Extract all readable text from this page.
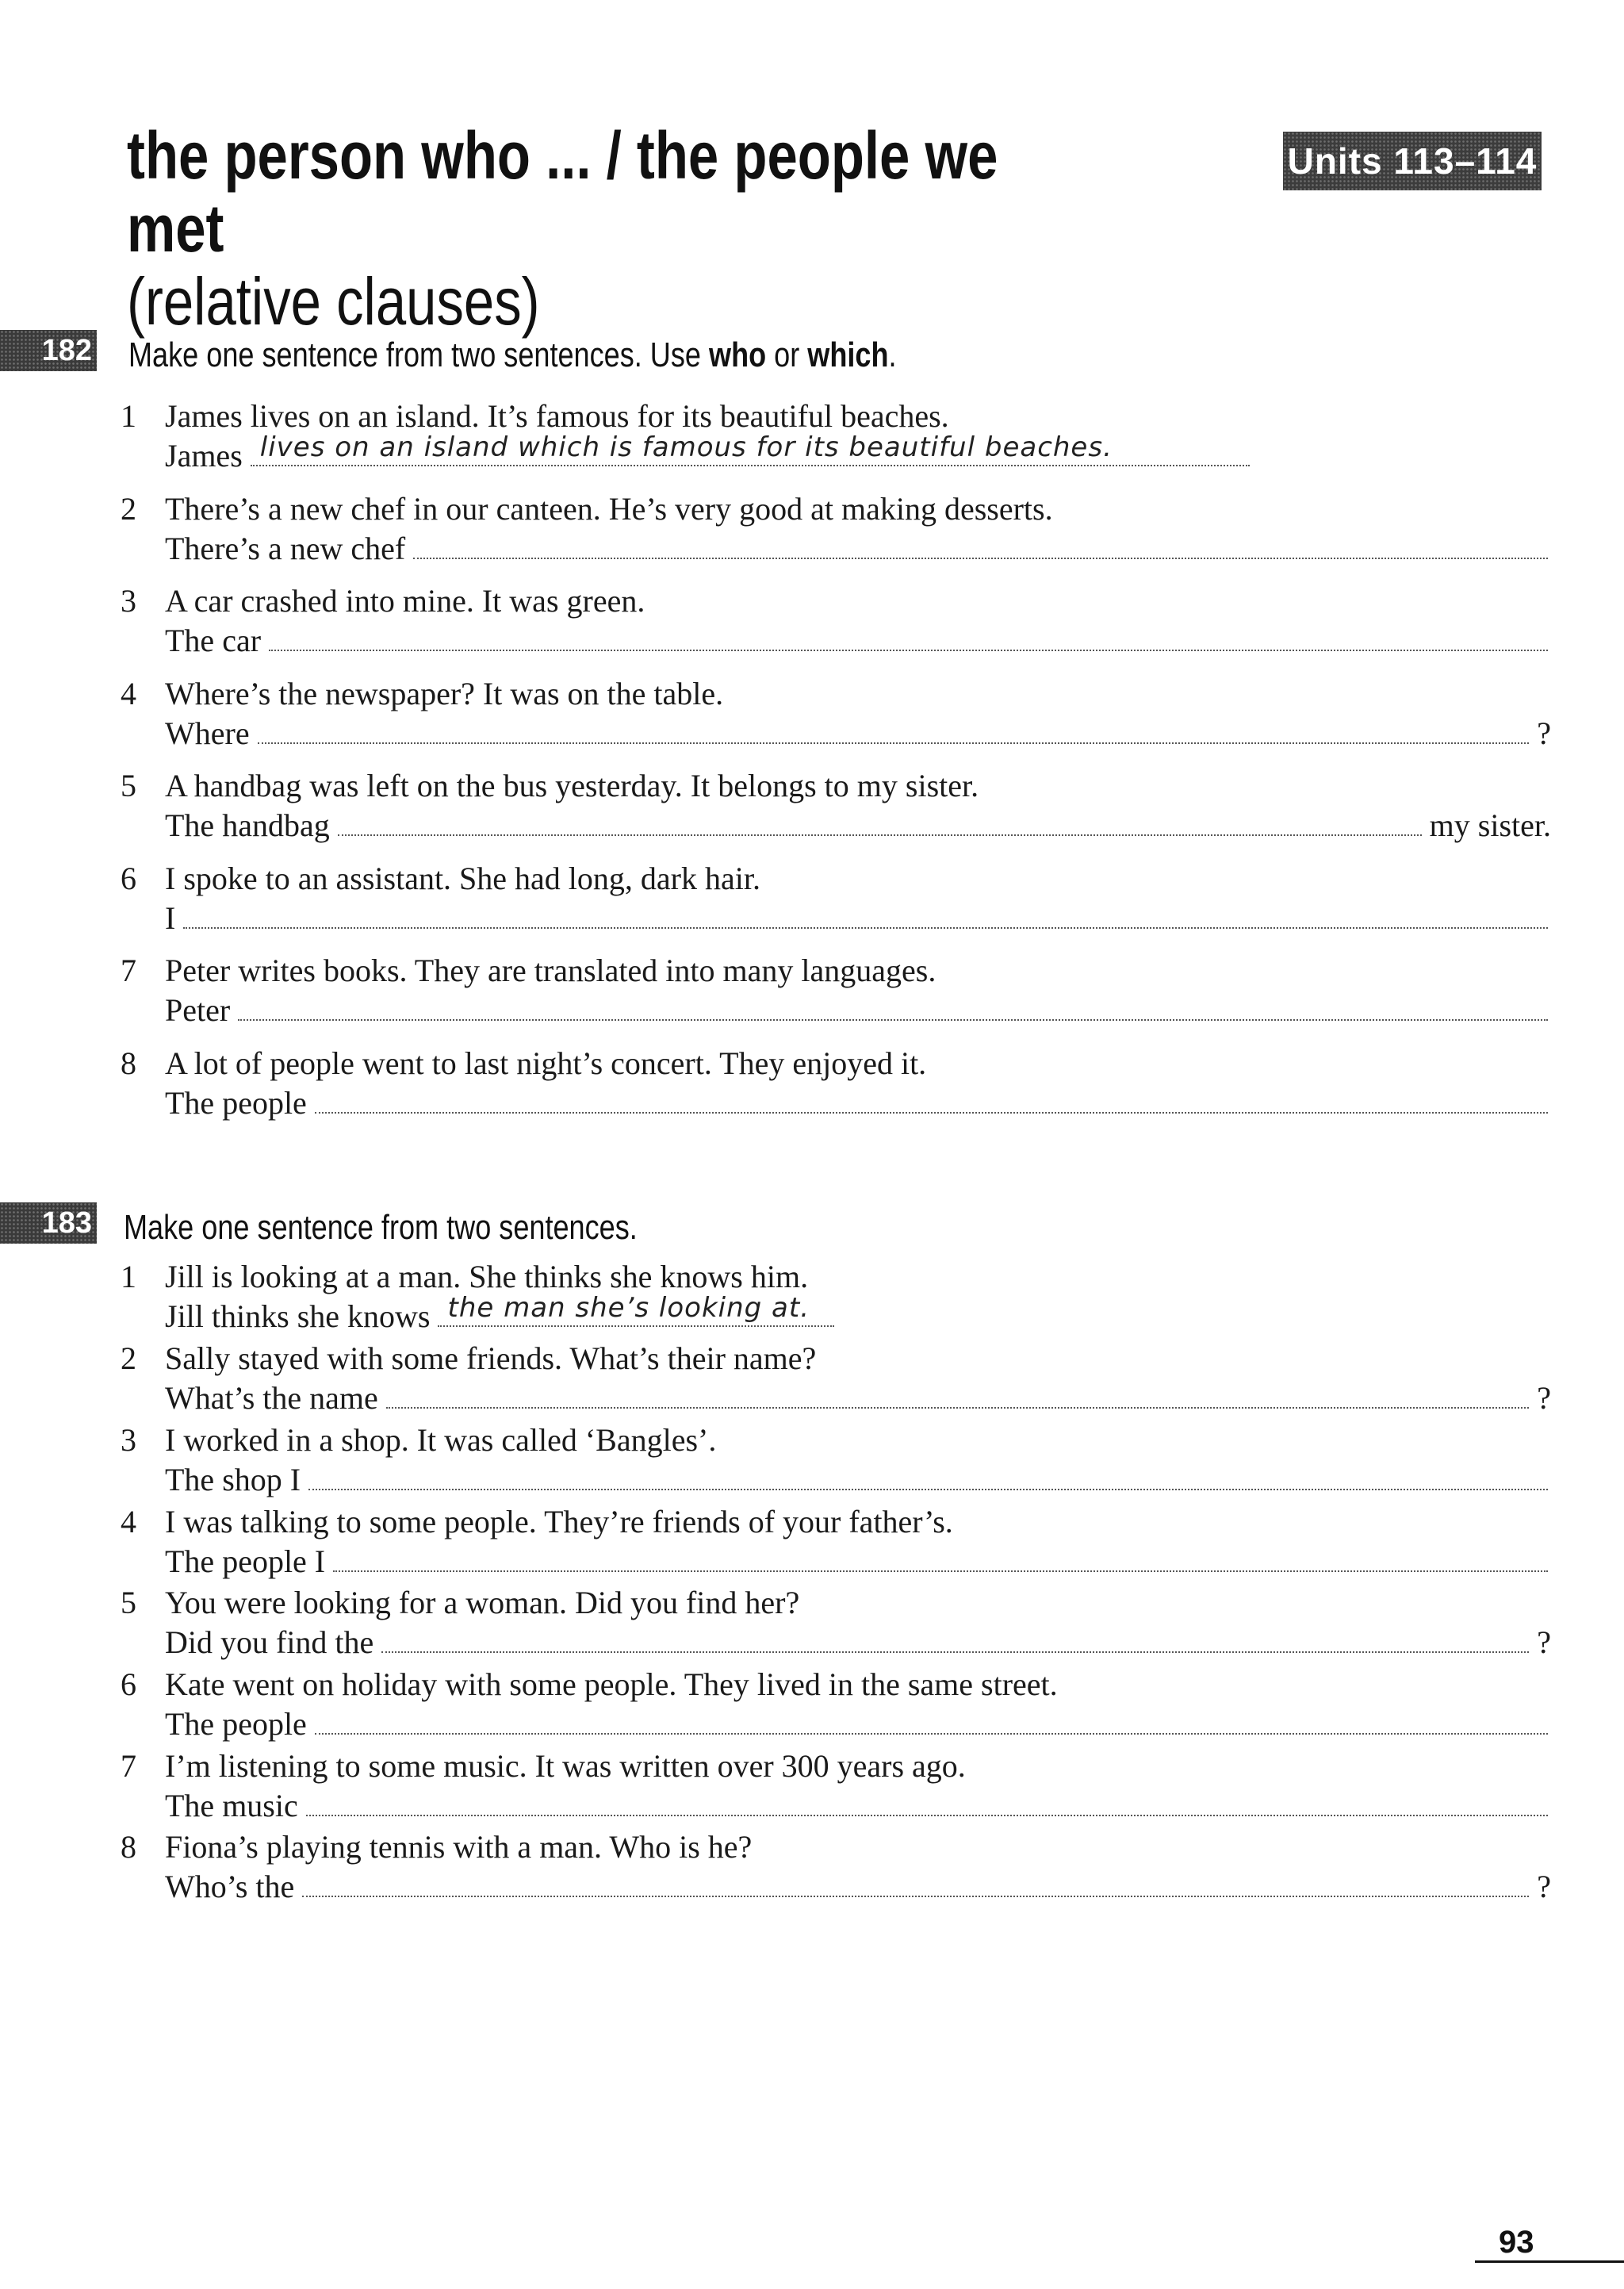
the person who ... / the people we met
(relative clauses)
Units 113–114
182 Make one sentence from two sentences. Use who or which.
1 James lives on an island. It’s famous for its beautiful beaches.
James lives on an island which is famous for its beautiful beaches.
2 There’s a new chef in our canteen. He’s very good at making desserts.
There’s a new chef
3 A car crashed into mine. It was green.
The car
4 Where’s the newspaper? It was on the table.
Where	?
5 A handbag was left on the bus yesterday. It belongs to my sister.
The handbag	my sister.
6 I spoke to an assistant. She had long, dark hair.
I
7 Peter writes books. They are translated into many languages.
Peter
8 A lot of people went to last night’s concert. They enjoyed it.
The people
183 Make one sentence from two sentences.
1 Jill is looking at a man. She thinks she knows him.
Jill thinks she knows the man she’s looking at.
2 Sally stayed with some friends. What’s their name?
What’s the name	?
3 I worked in a shop. It was called ‘Bangles’.
The shop I
4 I was talking to some people. They’re friends of your father’s.
The people I
5 You were looking for a woman. Did you find her?
Did you find the	?
6 Kate went on holiday with some people. They lived in the same street.
The people
7 I’m listening to some music. It was written over 300 years ago.
The music
8 Fiona’s playing tennis with a man. Who is he?
Who’s the	?
93
